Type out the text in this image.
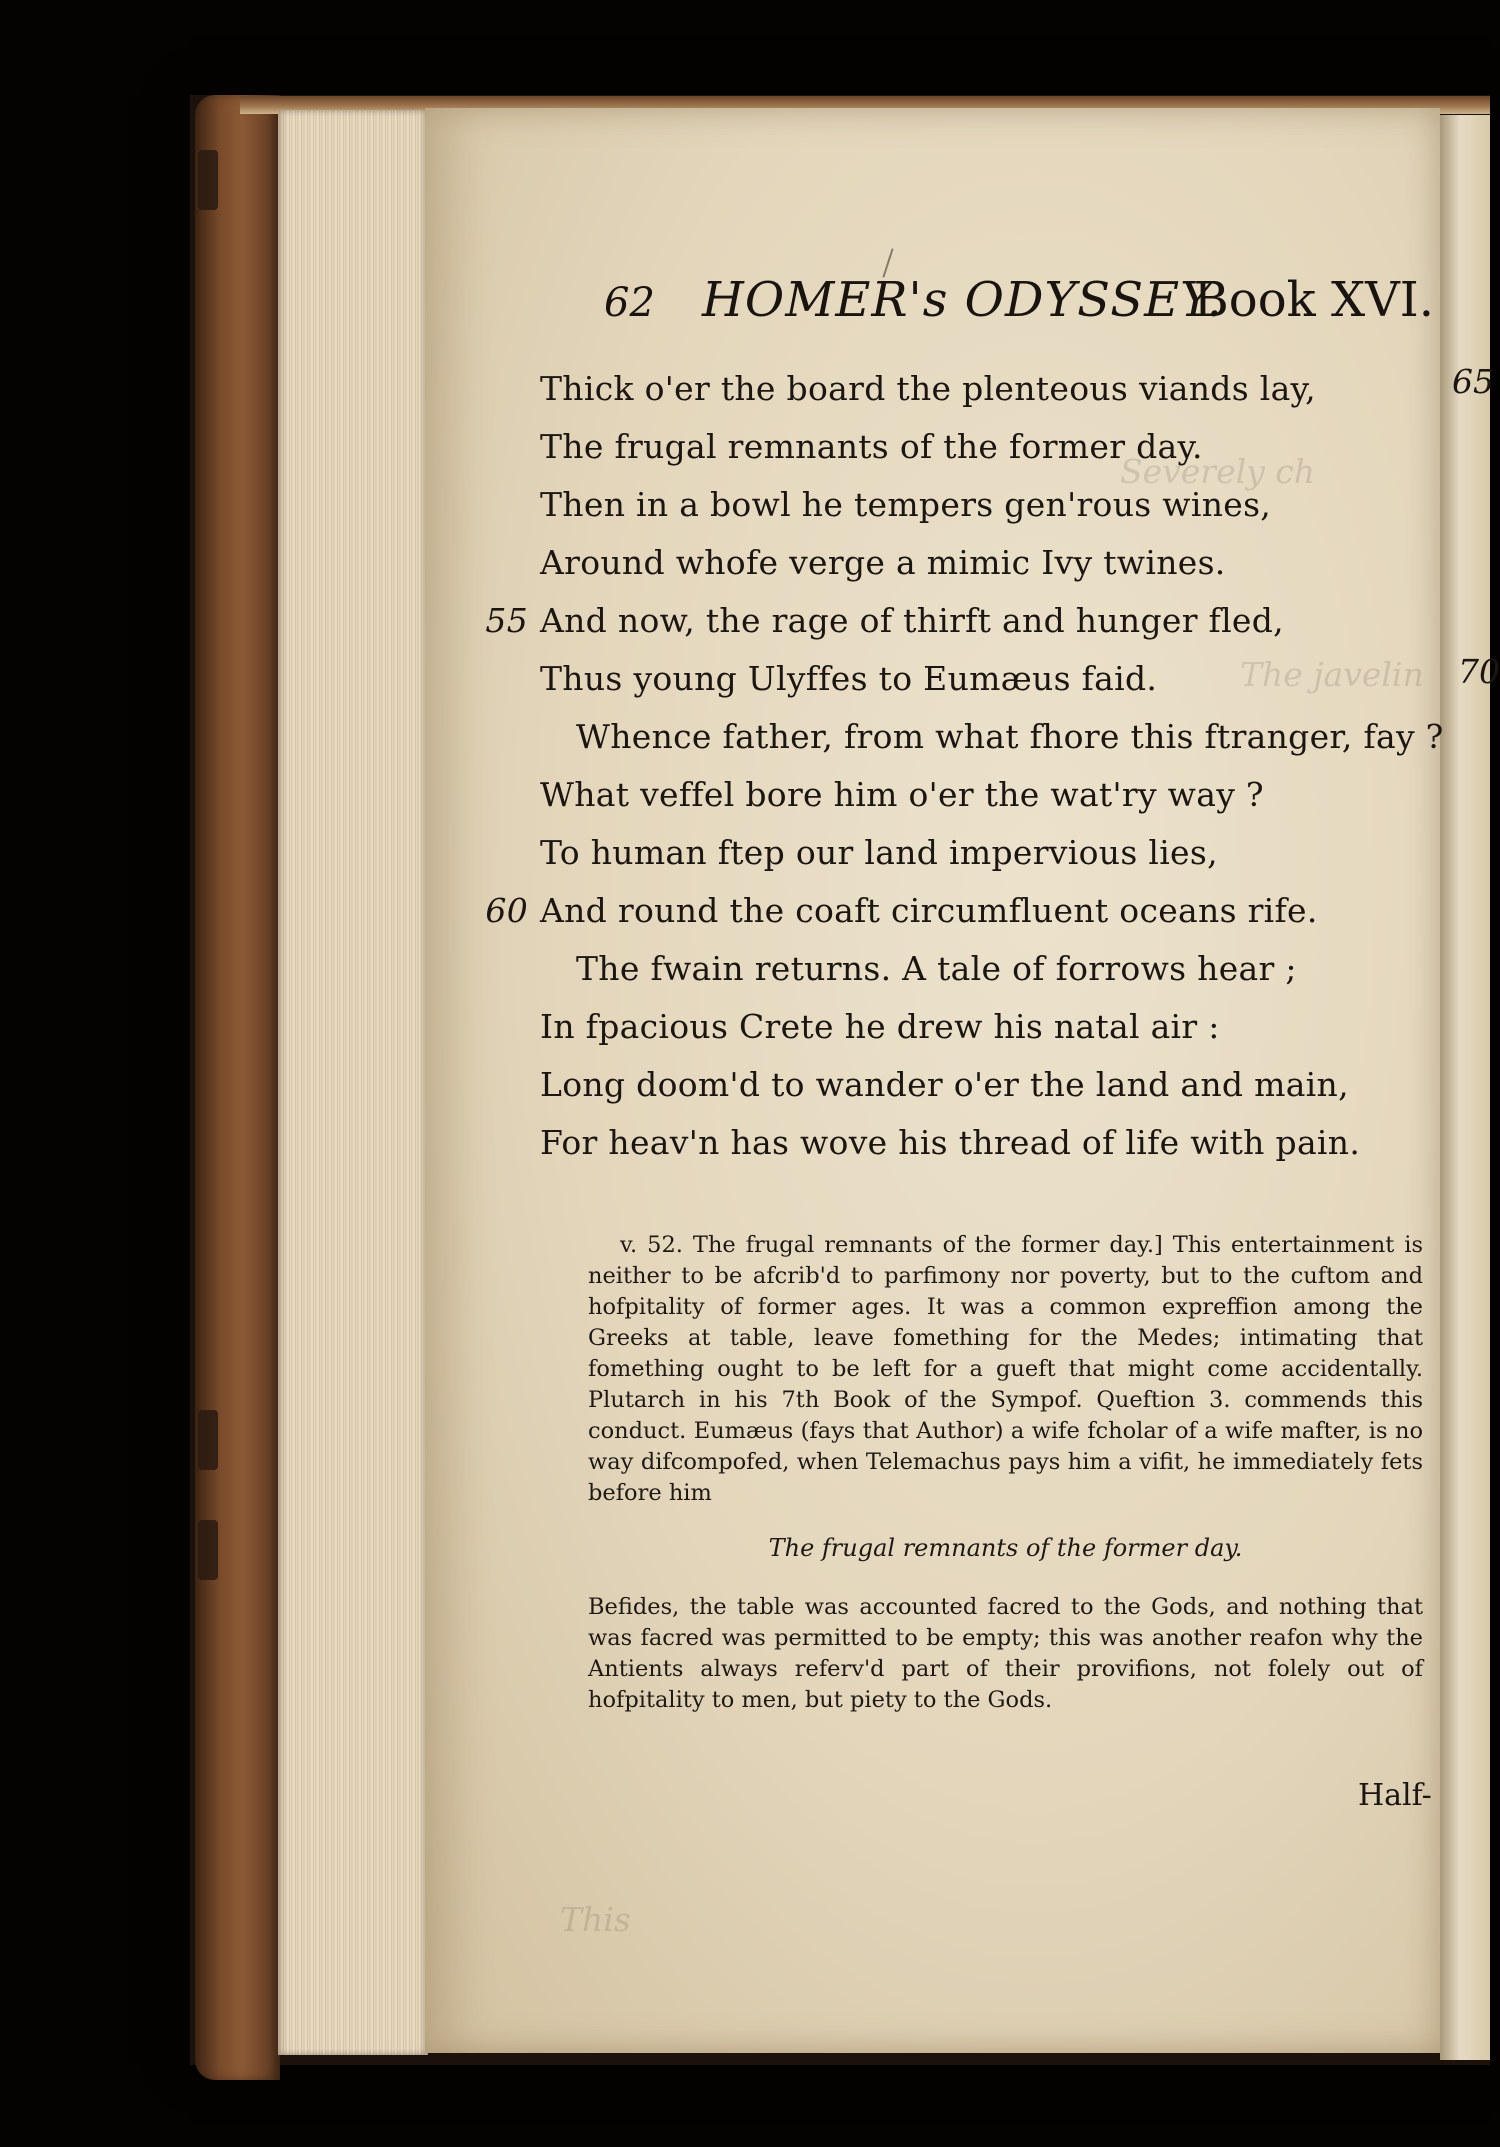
Severely ch
The javelin
This
62 HOMER's ODYSSEY.
Book XVI.
Thick o'er the board the plenteous viands lay,
The frugal remnants of the former day.
Then in a bowl he tempers gen'rous wines,
Around whofe verge a mimic Ivy twines.
55 And now, the rage of thirft and hunger fled,
Thus young Ulyffes to Eumæus faid.
Whence father, from what fhore this ftranger, fay ?
What veffel bore him o'er the wat'ry way ?
To human ftep our land impervious lies,
60 And round the coaft circumfluent oceans rife.
The fwain returns. A tale of forrows hear ;
In fpacious Crete he drew his natal air :
Long doom'd to wander o'er the land and main,
For heav'n has wove his thread of life with pain.
65
70

v. 52. The frugal remnants of the former day.] This entertainment is neither to be afcrib'd to parfimony nor poverty, but to the cuftom and hofpitality of former ages. It was a common expreffion among the Greeks at table, leave fomething for the Medes; intimating that fomething ought to be left for a gueft that might come accidentally. Plutarch in his 7th Book of the Sympof. Queftion 3. commends this conduct. Eumæus (fays that Author) a wife fcholar of a wife mafter, is no way difcompofed, when Telemachus pays him a vifit, he immediately fets before him

The frugal remnants of the former day.

Befides, the table was accounted facred to the Gods, and nothing that was facred was permitted to be empty; this was another reafon why the Antients always referv'd part of their provifions, not folely out of hofpitality to men, but piety to the Gods.

Half-
